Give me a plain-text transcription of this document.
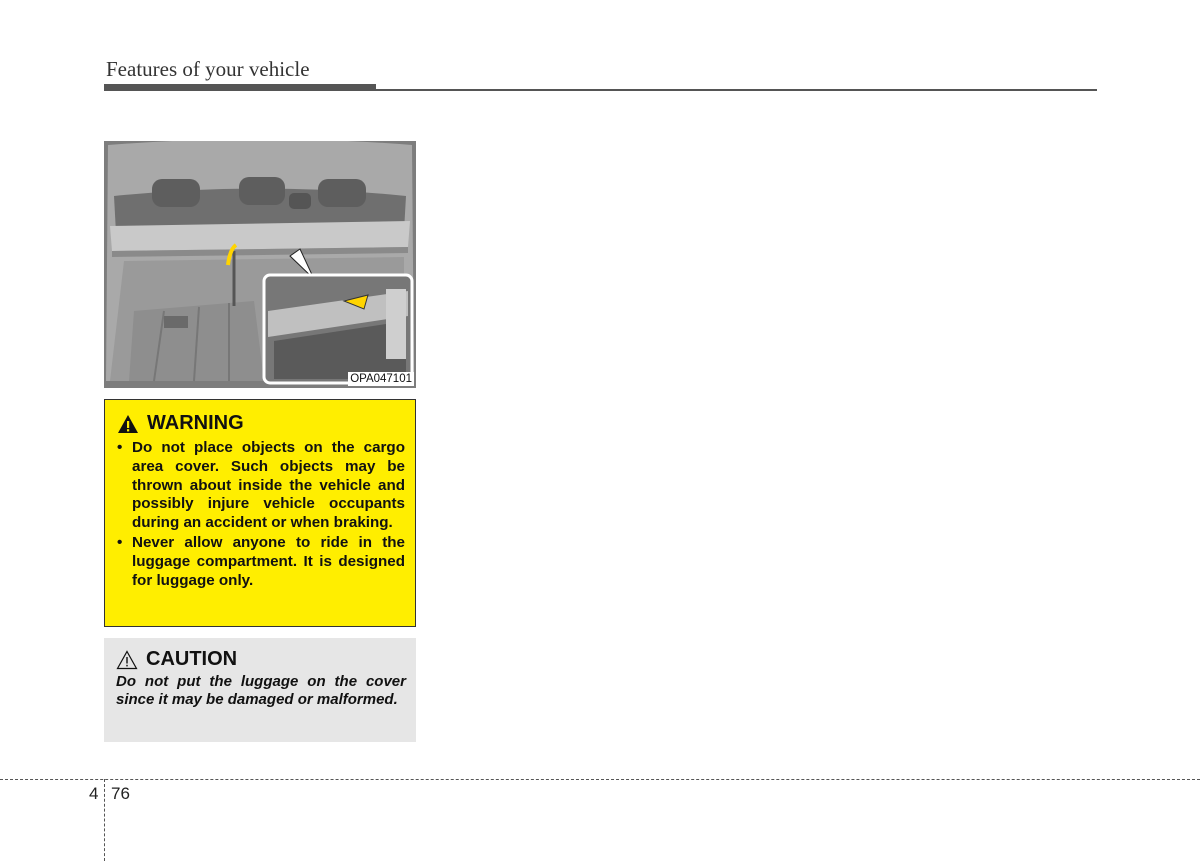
Features of your vehicle
OPA047101
WARNING
• Do not place objects on the cargo area cover. Such objects may be thrown about inside the vehicle and possibly injure vehicle occupants during an accident or when braking.
• Never allow anyone to ride in the luggage compartment. It is designed for luggage only.
CAUTION

Do not put the luggage on the cover since it may be damaged or malformed.

4 76
